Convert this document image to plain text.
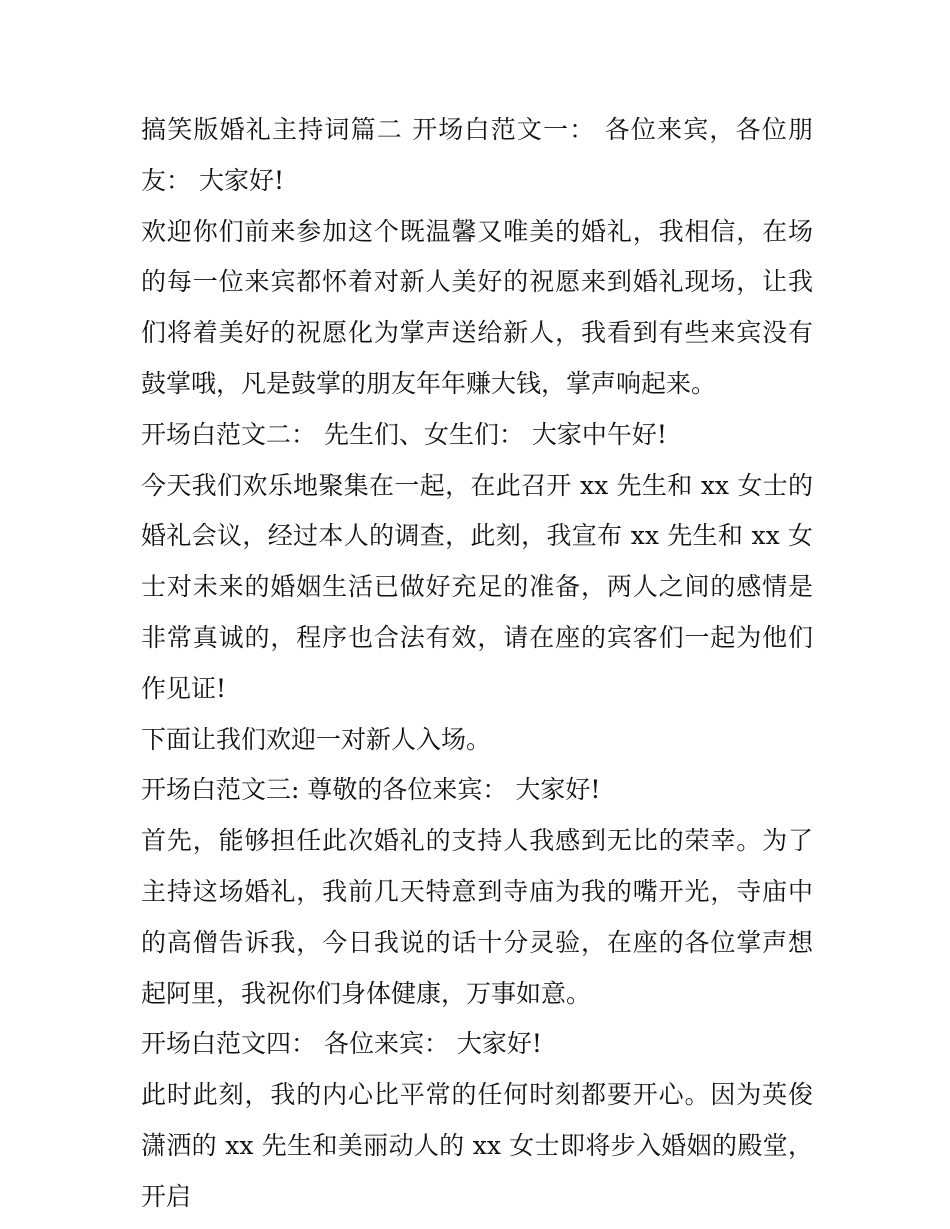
搞笑版婚礼主持词篇二 开场白范文一： 各位来宾，各位朋友： 大家好!

欢迎你们前来参加这个既温馨又唯美的婚礼，我相信，在场的每一位来宾都怀着对新人美好的祝愿来到婚礼现场，让我们将着美好的祝愿化为掌声送给新人，我看到有些来宾没有鼓掌哦，凡是鼓掌的朋友年年赚大钱，掌声响起来。

开场白范文二： 先生们、女生们： 大家中午好!

今天我们欢乐地聚集在一起，在此召开 xx 先生和 xx 女士的婚礼会议，经过本人的调查，此刻，我宣布 xx 先生和 xx 女士对未来的婚姻生活已做好充足的准备，两人之间的感情是非常真诚的，程序也合法有效，请在座的宾客们一起为他们作见证!

下面让我们欢迎一对新人入场。

开场白范文三: 尊敬的各位来宾： 大家好!

首先，能够担任此次婚礼的支持人我感到无比的荣幸。为了主持这场婚礼，我前几天特意到寺庙为我的嘴开光，寺庙中的高僧告诉我，今日我说的话十分灵验，在座的各位掌声想起阿里，我祝你们身体健康，万事如意。

开场白范文四： 各位来宾： 大家好!

此时此刻，我的内心比平常的任何时刻都要开心。因为英俊潇洒的 xx 先生和美丽动人的 xx 女士即将步入婚姻的殿堂，开启
